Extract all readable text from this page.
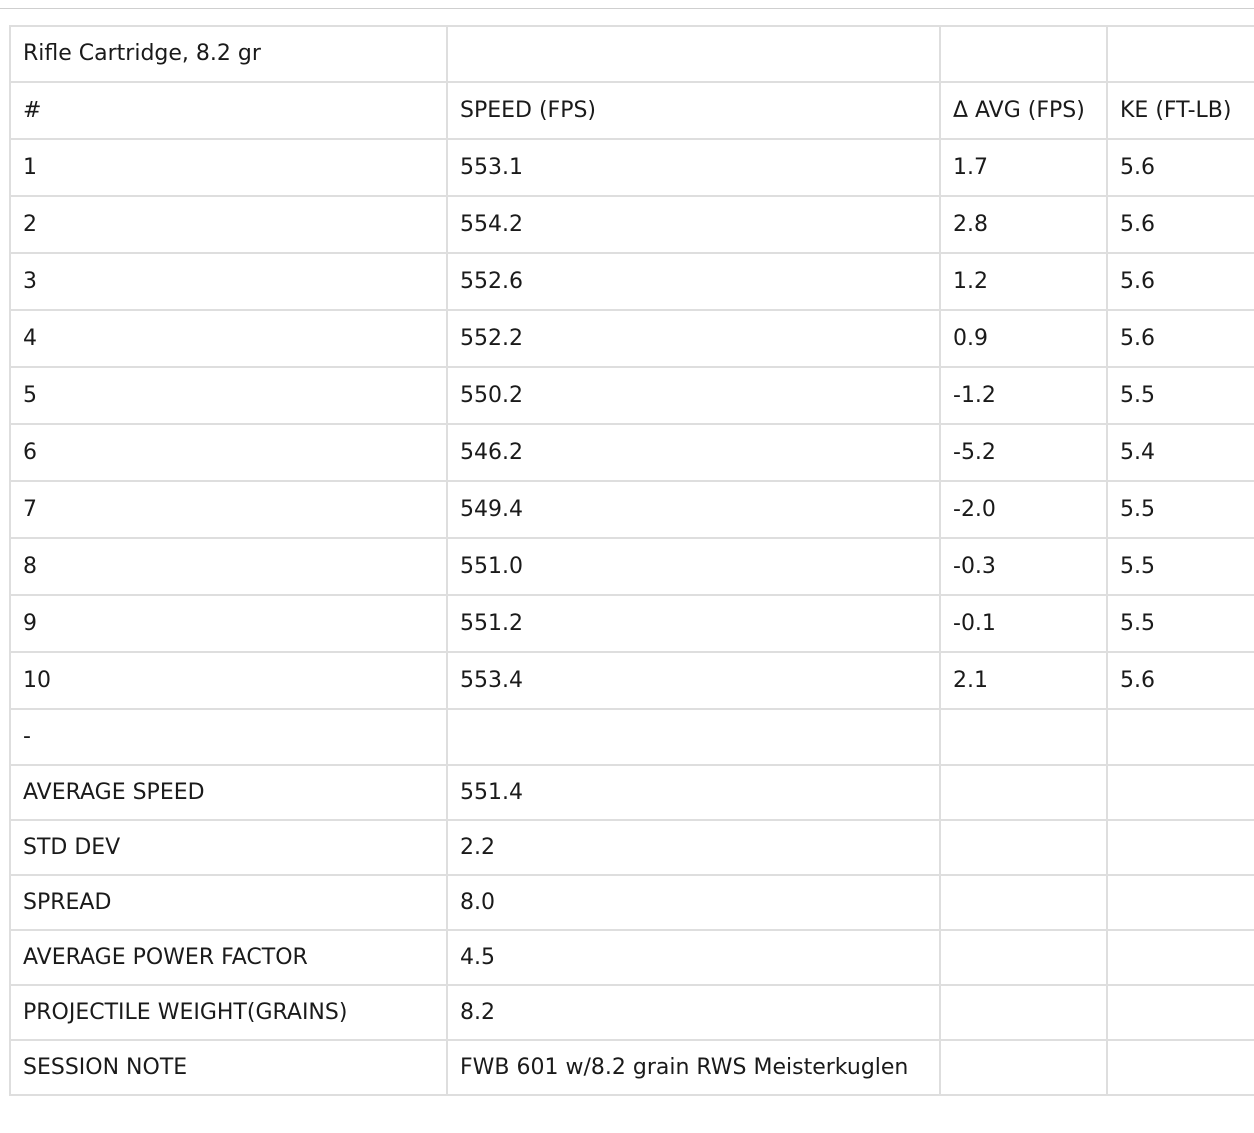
Rifle Cartridge, 8.2 gr			
#	SPEED (FPS)	Δ AVG (FPS)	KE (FT-LB)
1	553.1	1.7	5.6
2	554.2	2.8	5.6
3	552.6	1.2	5.6
4	552.2	0.9	5.6
5	550.2	-1.2	5.5
6	546.2	-5.2	5.4
7	549.4	-2.0	5.5
8	551.0	-0.3	5.5
9	551.2	-0.1	5.5
10	553.4	2.1	5.6
-			
AVERAGE SPEED	551.4		
STD DEV	2.2		
SPREAD	8.0		
AVERAGE POWER FACTOR	4.5		
PROJECTILE WEIGHT(GRAINS)	8.2		
SESSION NOTE	FWB 601 w/8.2 grain RWS Meisterkuglen		
